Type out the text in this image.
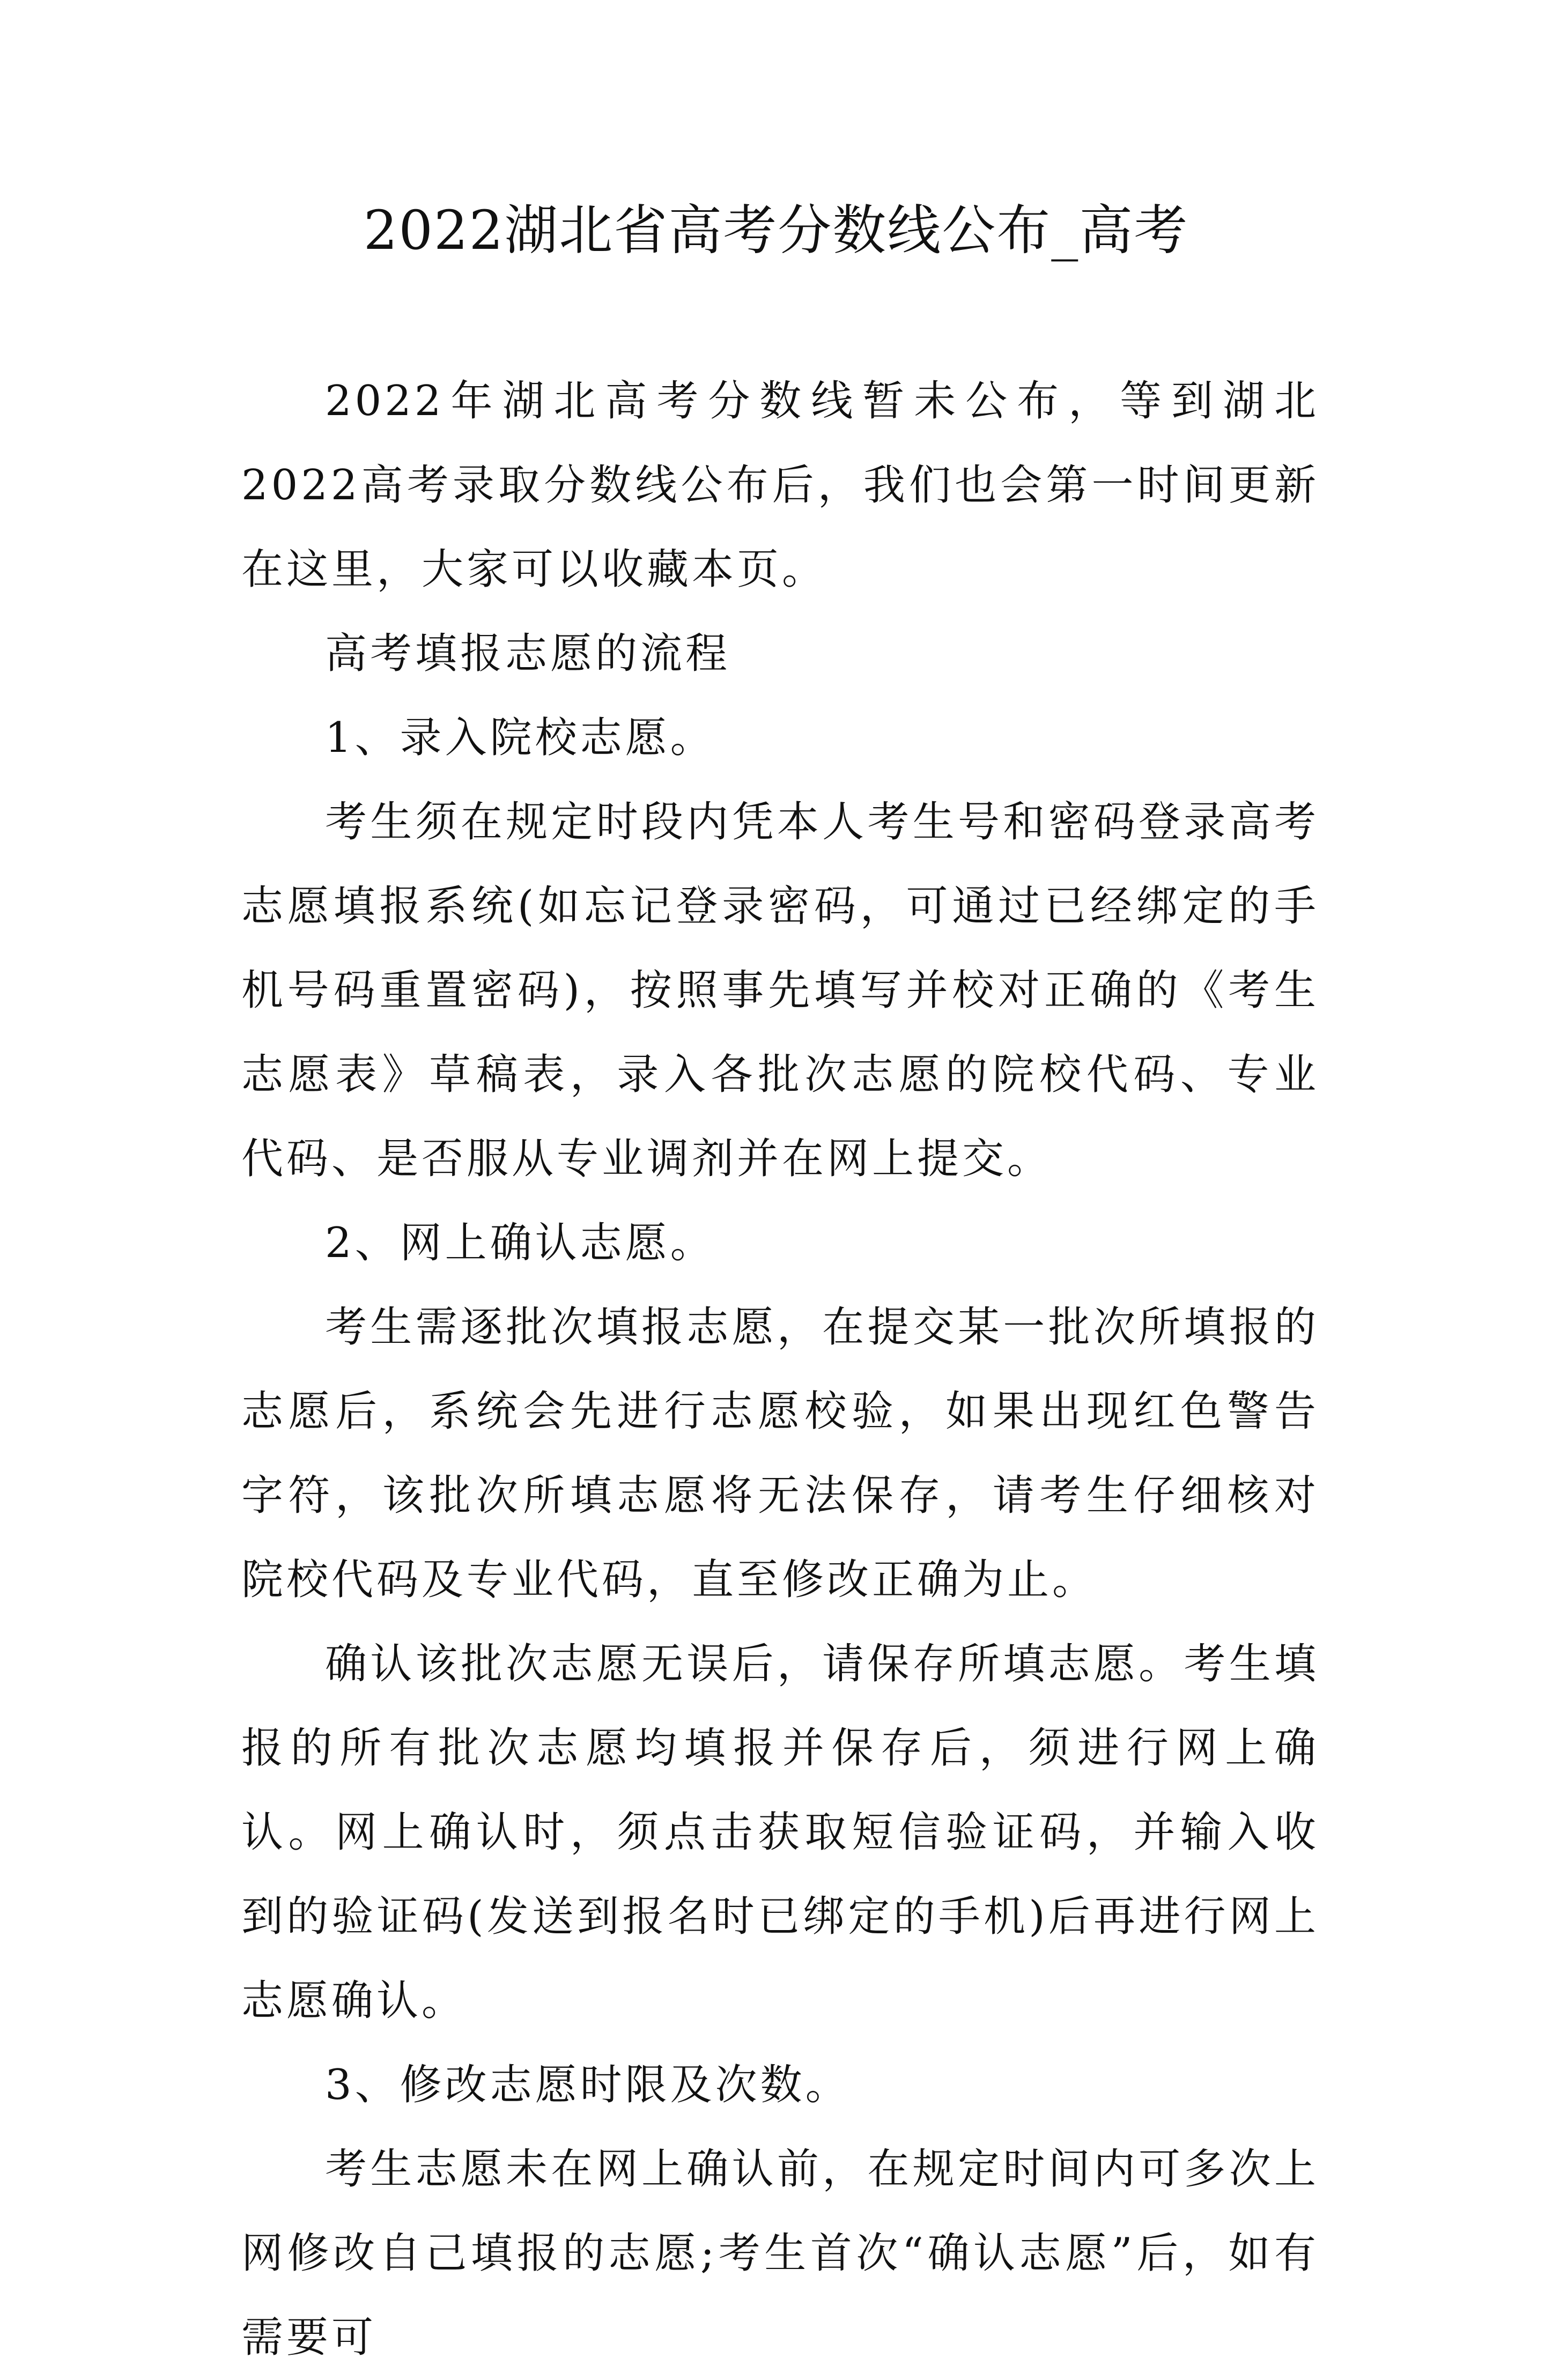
2022湖北省高考分数线公布_高考

2022年湖北高考分数线暂未公布，等到湖北2022高考录取分数线公布后，我们也会第一时间更新在这里，大家可以收藏本页。

高考填报志愿的流程

1、录入院校志愿。

考生须在规定时段内凭本人考生号和密码登录高考志愿填报系统(如忘记登录密码，可通过已经绑定的手机号码重置密码)，按照事先填写并校对正确的《考生志愿表》草稿表，录入各批次志愿的院校代码、专业代码、是否服从专业调剂并在网上提交。

2、网上确认志愿。

考生需逐批次填报志愿，在提交某一批次所填报的志愿后，系统会先进行志愿校验，如果出现红色警告字符，该批次所填志愿将无法保存，请考生仔细核对院校代码及专业代码，直至修改正确为止。

确认该批次志愿无误后，请保存所填志愿。考生填报的所有批次志愿均填报并保存后，须进行网上确认。网上确认时，须点击获取短信验证码，并输入收到的验证码(发送到报名时已绑定的手机)后再进行网上志愿确认。

3、修改志愿时限及次数。

考生志愿未在网上确认前，在规定时间内可多次上网修改自己填报的志愿;考生首次“确认志愿”后，如有需要可
